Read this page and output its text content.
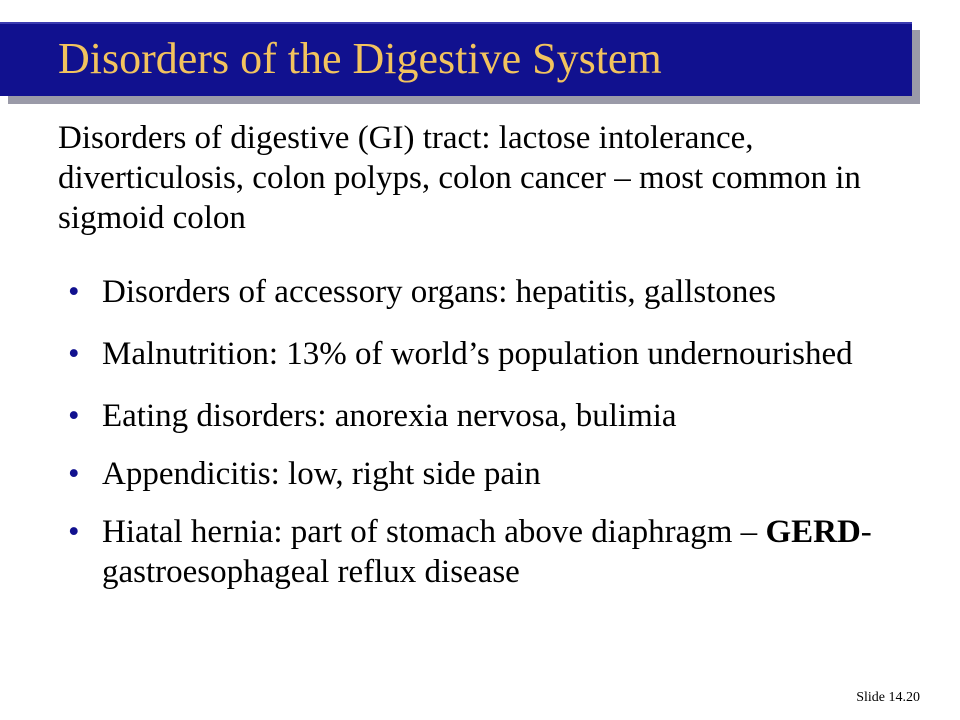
Disorders of the Digestive System

Disorders of digestive (GI) tract: lactose intolerance, diverticulosis, colon polyps, colon cancer – most common in sigmoid colon

• Disorders of accessory organs: hepatitis, gallstones
• Malnutrition: 13% of world’s population undernourished
• Eating disorders: anorexia nervosa, bulimia
• Appendicitis: low, right side pain
• Hiatal hernia: part of stomach above diaphragm – GERD- gastroesophageal reflux disease
Slide 14.20
